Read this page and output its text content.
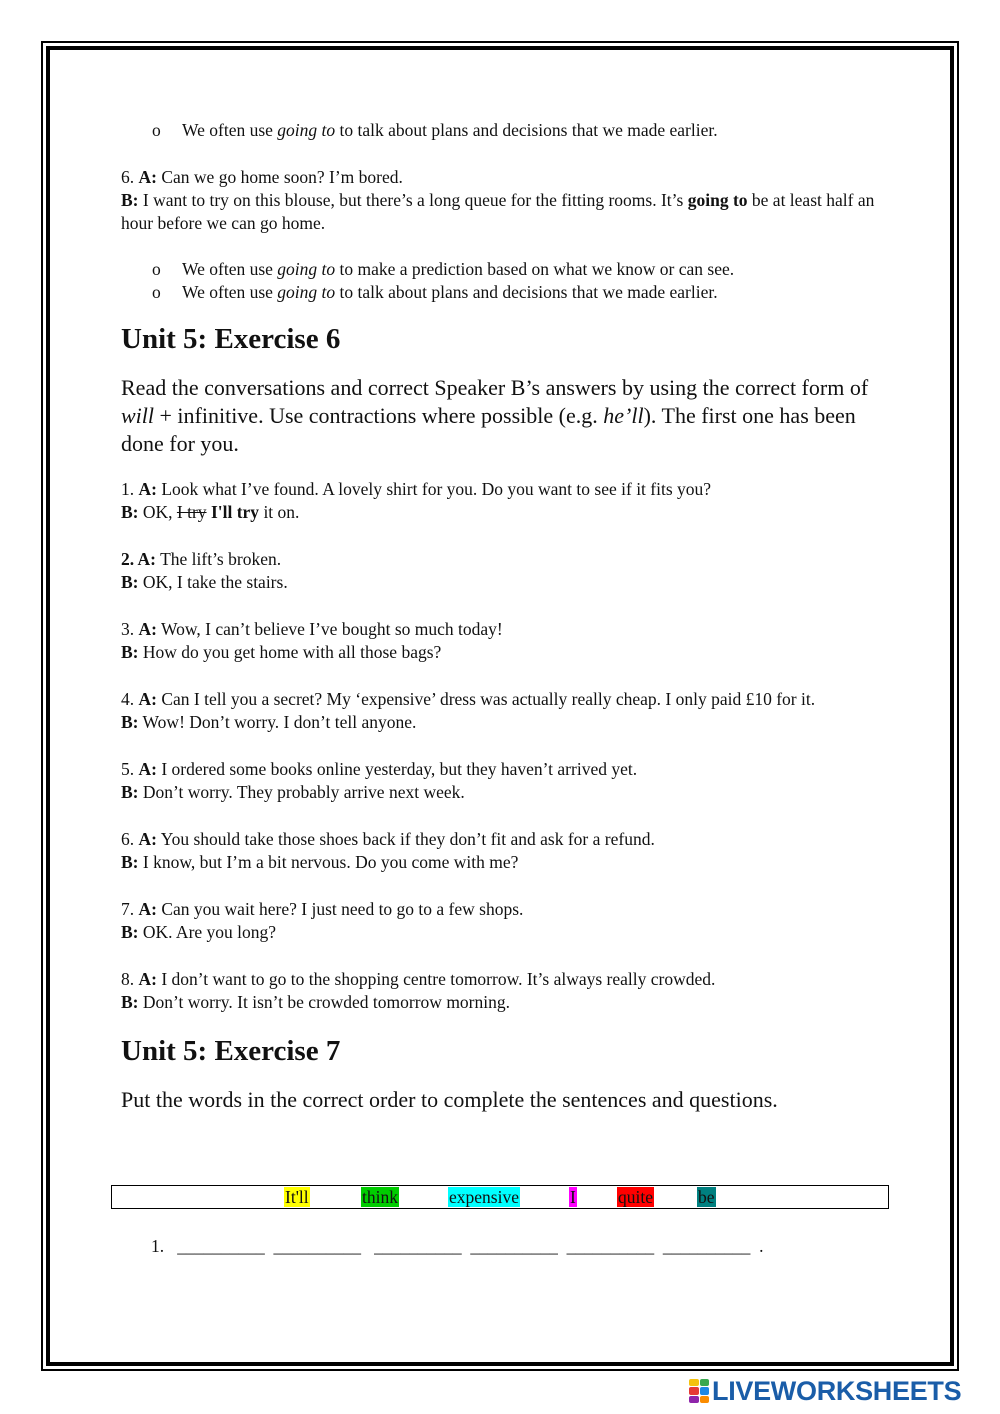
o We often use going to to talk about plans and decisions that we made earlier.

6. A: Can we go home soon? I’m bored.

B: I want to try on this blouse, but there’s a long queue for the fitting rooms. It’s going to be at least half an hour before we can go home.

o We often use going to to make a prediction based on what we know or can see.
o We often use going to to talk about plans and decisions that we made earlier.
Unit 5: Exercise 6

Read the conversations and correct Speaker B’s answers by using the correct form of will + infinitive. Use contractions where possible (e.g. he’ll). The first one has been done for you.

1. A: Look what I’ve found. A lovely shirt for you. Do you want to see if it fits you?

B: OK, I try I'll try it on.

2. A: The lift’s broken.

B: OK, I take the stairs.

3. A: Wow, I can’t believe I’ve bought so much today!

B: How do you get home with all those bags?

4. A: Can I tell you a secret? My ‘expensive’ dress was actually really cheap. I only paid £10 for it.

B: Wow! Don’t worry. I don’t tell anyone.

5. A: I ordered some books online yesterday, but they haven’t arrived yet.

B: Don’t worry. They probably arrive next week.

6. A: You should take those shoes back if they don’t fit and ask for a refund.

B: I know, but I’m a bit nervous. Do you come with me?

7. A: Can you wait here? I just need to go to a few shops.

B: OK. Are you long?

8. A: I don’t want to go to the shopping centre tomorrow. It’s always really crowded.

B: Don’t worry. It isn’t be crowded tomorrow morning.

Unit 5: Exercise 7

Put the words in the correct order to complete the sentences and questions.

It'll	think	expensive	I quite	be
1.   __________  __________   __________  __________  __________  __________  .
LIVEWORKSHEETS
